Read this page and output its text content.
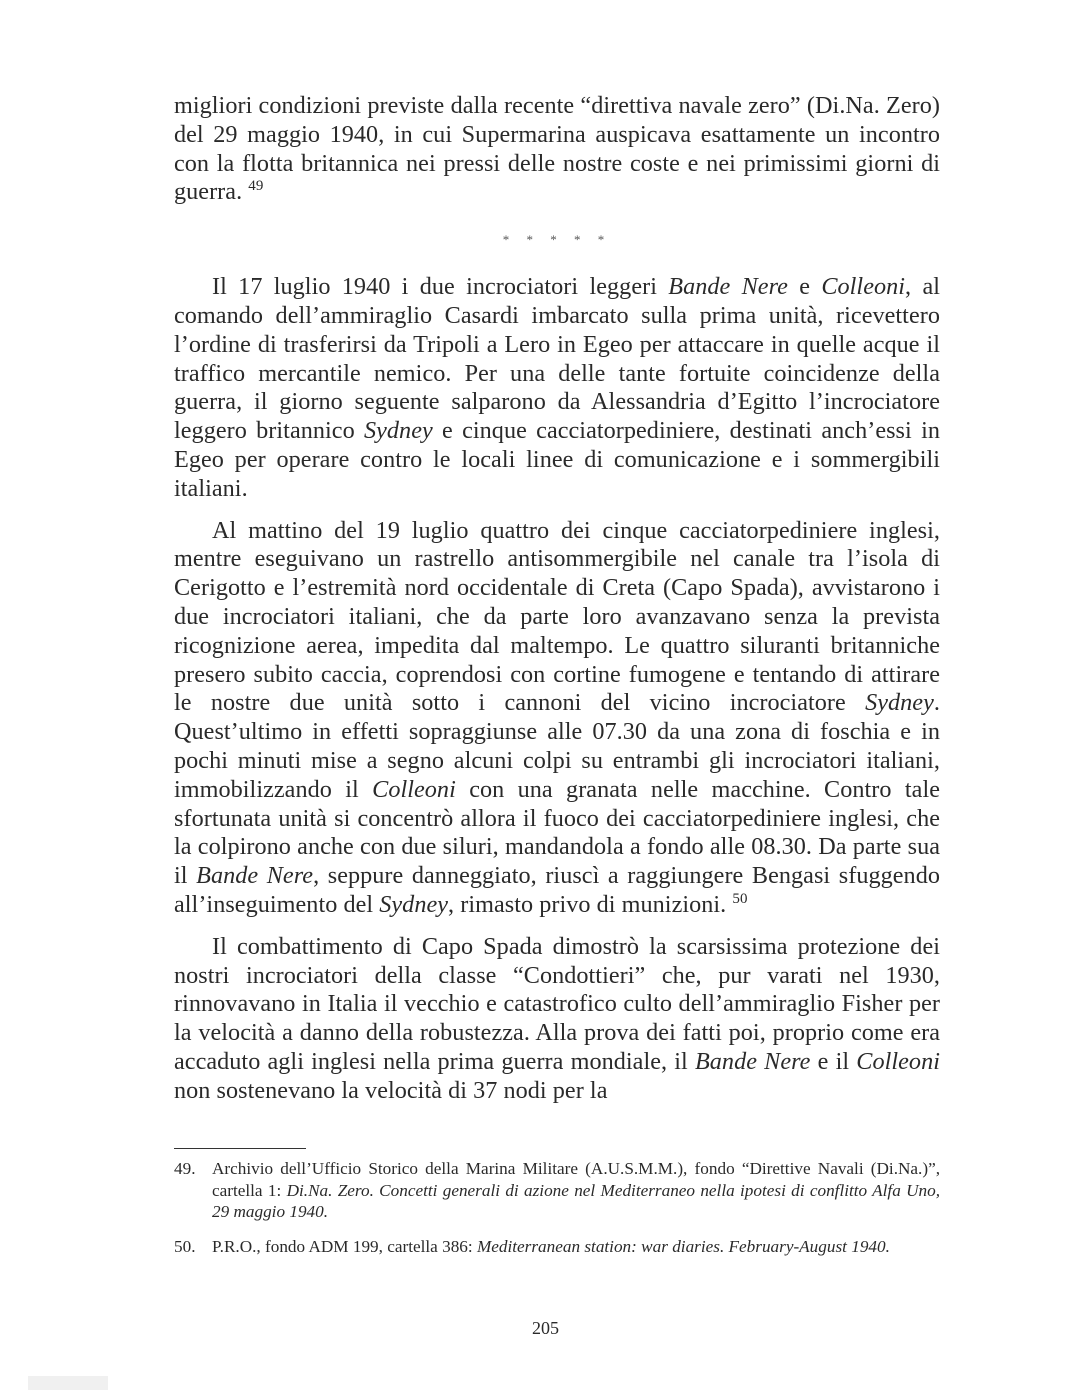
migliori condizioni previste dalla recente “direttiva navale zero” (Di.Na. Zero) del 29 maggio 1940, in cui Supermarina auspicava esattamente un incontro con la flotta britannica nei pressi delle nostre coste e nei primissimi giorni di guerra. $^{49}$

* * * * *

Il 17 luglio 1940 i due incrociatori leggeri Bande Nere e Colleoni, al comando dell’ammiraglio Casardi imbarcato sulla prima unità, ricevettero l’ordine di trasferirsi da Tripoli a Lero in Egeo per attaccare in quelle acque il traffico mercantile nemico. Per una delle tante fortuite coincidenze della guerra, il giorno seguente salparono da Alessandria d’Egitto l’incrociatore leggero britannico Sydney e cinque cacciatorpediniere, destinati anch’essi in Egeo per operare contro le locali linee di comunicazione e i sommergibili italiani.

Al mattino del 19 luglio quattro dei cinque cacciatorpediniere inglesi, mentre eseguivano un rastrello antisommergibile nel canale tra l’isola di Cerigotto e l’estremità nord occidentale di Creta (Capo Spada), avvistarono i due incrociatori italiani, che da parte loro avanzavano senza la prevista ricognizione aerea, impedita dal maltempo. Le quattro siluranti britanniche presero subito caccia, coprendosi con cortine fumogene e tentando di attirare le nostre due unità sotto i cannoni del vicino incrociatore Sydney. Quest’ultimo in effetti sopraggiunse alle 07.30 da una zona di foschia e in pochi minuti mise a segno alcuni colpi su entrambi gli incrociatori italiani, immobilizzando il Colleoni con una granata nelle macchine. Contro tale sfortunata unità si concentrò allora il fuoco dei cacciatorpediniere inglesi, che la colpirono anche con due siluri, mandandola a fondo alle 08.30. Da parte sua il Bande Nere, seppure danneggiato, riuscì a raggiungere Bengasi sfuggendo all’inseguimento del Sydney, rimasto privo di munizioni. $^{50}$

Il combattimento di Capo Spada dimostrò la scarsissima protezione dei nostri incrociatori della classe “Condottieri” che, pur varati nel 1930, rinnovavano in Italia il vecchio e catastrofico culto dell’ammiraglio Fisher per la velocità a danno della robustezza. Alla prova dei fatti poi, proprio come era accaduto agli inglesi nella prima guerra mondiale, il Bande Nere e il Colleoni non sostenevano la velocità di 37 nodi per la

49. Archivio dell’Ufficio Storico della Marina Militare (A.U.S.M.M.), fondo “Direttive Navali (Di.Na.)”, cartella 1: Di.Na. Zero. Concetti generali di azione nel Mediterraneo nella ipotesi di conflitto Alfa Uno, 29 maggio 1940.
50. P.R.O., fondo ADM 199, cartella 386: Mediterranean station: war diaries. February-August 1940.
205
